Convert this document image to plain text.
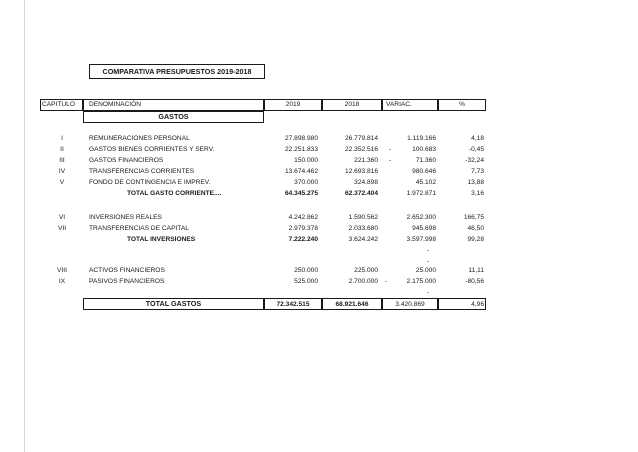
COMPARATIVA PRESUPUESTOS 2019-2018
CAPITULO DENOMINACIÓN	2019	2018	VARIAC.	%
GASTOS
I	REMUNERACIONES PERSONAL	27.898.980	26.779.814	1.119.166	4,18
II	GASTOS BIENES CORRIENTES Y SERV.	22.251.833	22.352.516 -	100.683	-0,45
III	GASTOS FINANCIEROS	150.000	221.360 -	71.360	-32,24
IV	TRANSFERENCIAS CORRIENTES	13.674.462	12.693.816	980.646	7,73
V	FONDO DE CONTINGENCIA E IMPREV.	370.000	324.898	45.102	13,88
TOTAL GASTO CORRIENTE....	64.345.275	62.372.404	1.972.871	3,16
VI	INVERSIONES REALES	4.242.862	1.590.562	2.652.300	166,75
VII	TRANSFERENCIAS DE CAPITAL	2.979.378	2.033.680	945.698	46,50
TOTAL INVERSIONES	7.222.240	3.624.242	3.597.998	99,28
-
-
VIII	ACTIVOS FINANCIEROS	250.000	225.000	25.000	11,11
IX	PASIVOS FINANCIEROS	525.000	2.700.000 -	2.175.000	-80,56
-
TOTAL GASTOS	72.342.515	68.921.646	3.420.869	4,96
